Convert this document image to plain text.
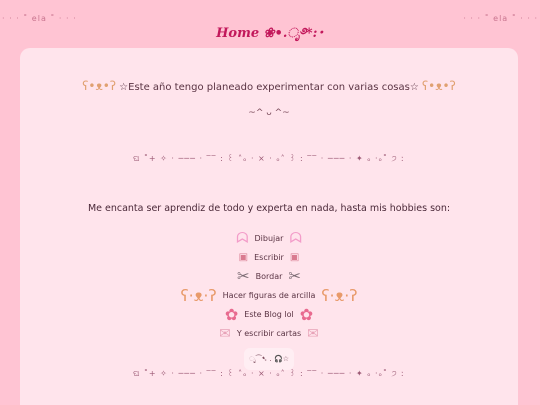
· · · ˚ ela ˚ · · ·
Home ❀•.ೃ࿔*:･
· · · ˚ ela ˚ · · ·
ʕ•ᴥ•ʔ ☆Este año tengo planeado experimentar con varias cosas☆ ʕ•ᴥ•ʔ
~^ ᴗ ^~
ଘ ˚+ ✧ · ─── · ‾‾ : ꒰ ˄ₒ · × · ₒ˄ ꒱ : ‾‾ · ─── · ✦ ₒ ·ₒ˚ ੭ ː
Me encanta ser aprendiz de todo y experta en nada, hasta mis hobbies son:
ᗣ Dibujar ᗣ
▣ Escribir ▣
✂ Bordar ✂
ʕ·ᴥ·ʔ Hacer figuras de arcilla ʕ·ᴥ·ʔ
✿ Este Blog lol ✿
✉ Y escribir cartas ✉
ೃ⁀➷ . 🎧☆
ଘ ˚+ ✧ · ─── · ‾‾ : ꒰ ˄ₒ · × · ₒ˄ ꒱ : ‾‾ · ─── · ✦ ₒ ·ₒ˚ ੭ ː
